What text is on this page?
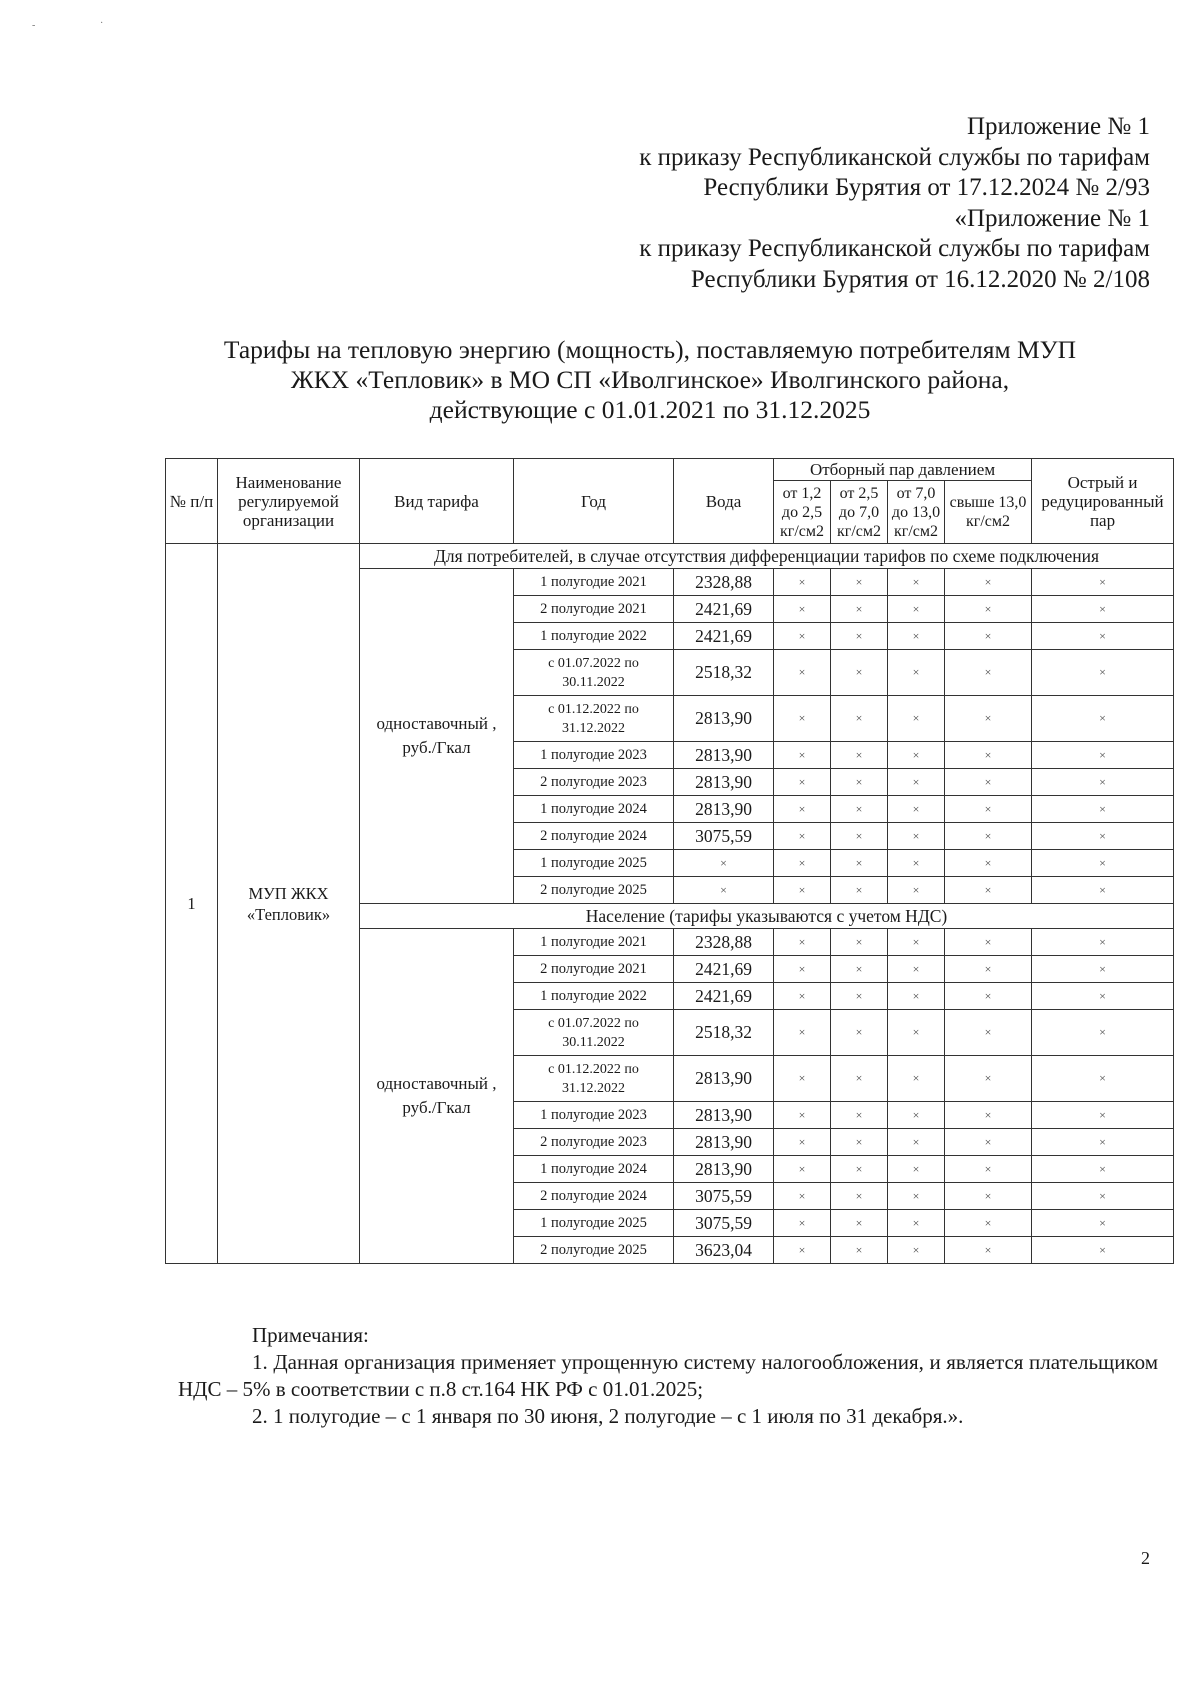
‐	·
Приложение № 1
к приказу Республиканской службы по тарифам
Республики Бурятия от 17.12.2024 № 2/93
«Приложение № 1
к приказу Республиканской службы по тарифам
Республики Бурятия от 16.12.2020 № 2/108
Тарифы на тепловую энергию (мощность), поставляемую потребителям МУП
ЖКХ «Тепловик» в МО СП «Иволгинское» Иволгинского района,
действующие с 01.01.2021 по 31.12.2025
№ п/п	Наименование регулируемой организации	Вид тарифа	Год	Вода	Отборный пар давлением				Острый и редуцированный пар
					от 1,2 до 2,5 кг/см2	от 2,5 до 7,0 кг/см2	от 7,0 до 13,0 кг/см2	свыше 13,0 кг/см2	
1	МУП ЖКХ «Тепловик»	Для потребителей, в случае отсутствия дифференциации тарифов по схеме подключения							
		одноставочный , руб./Гкал	1 полугодие 2021	2328,88	×	×	×	×	×
			2 полугодие 2021	2421,69	×	×	×	×	×
			1 полугодие 2022	2421,69	×	×	×	×	×
			с 01.07.2022 по 30.11.2022	2518,32	×	×	×	×	×
			с 01.12.2022 по 31.12.2022	2813,90	×	×	×	×	×
			1 полугодие 2023	2813,90	×	×	×	×	×
			2 полугодие 2023	2813,90	×	×	×	×	×
			1 полугодие 2024	2813,90	×	×	×	×	×
			2 полугодие 2024	3075,59	×	×	×	×	×
			1 полугодие 2025	×	×	×	×	×	×
			2 полугодие 2025	×	×	×	×	×	×
		Население (тарифы указываются с учетом НДС)							
		одноставочный , руб./Гкал	1 полугодие 2021	2328,88	×	×	×	×	×
			2 полугодие 2021	2421,69	×	×	×	×	×
			1 полугодие 2022	2421,69	×	×	×	×	×
			с 01.07.2022 по 30.11.2022	2518,32	×	×	×	×	×
			с 01.12.2022 по 31.12.2022	2813,90	×	×	×	×	×
			1 полугодие 2023	2813,90	×	×	×	×	×
			2 полугодие 2023	2813,90	×	×	×	×	×
			1 полугодие 2024	2813,90	×	×	×	×	×
			2 полугодие 2024	3075,59	×	×	×	×	×
			1 полугодие 2025	3075,59	×	×	×	×	×
			2 полугодие 2025	3623,04	×	×	×	×	×
Примечания:

1. Данная организация применяет упрощенную систему налогообложения, и является плательщиком НДС – 5% в соответствии с п.8 ст.164 НК РФ с 01.01.2025;

2. 1 полугодие – с 1 января по 30 июня, 2 полугодие – с 1 июля по 31 декабря.».

2
